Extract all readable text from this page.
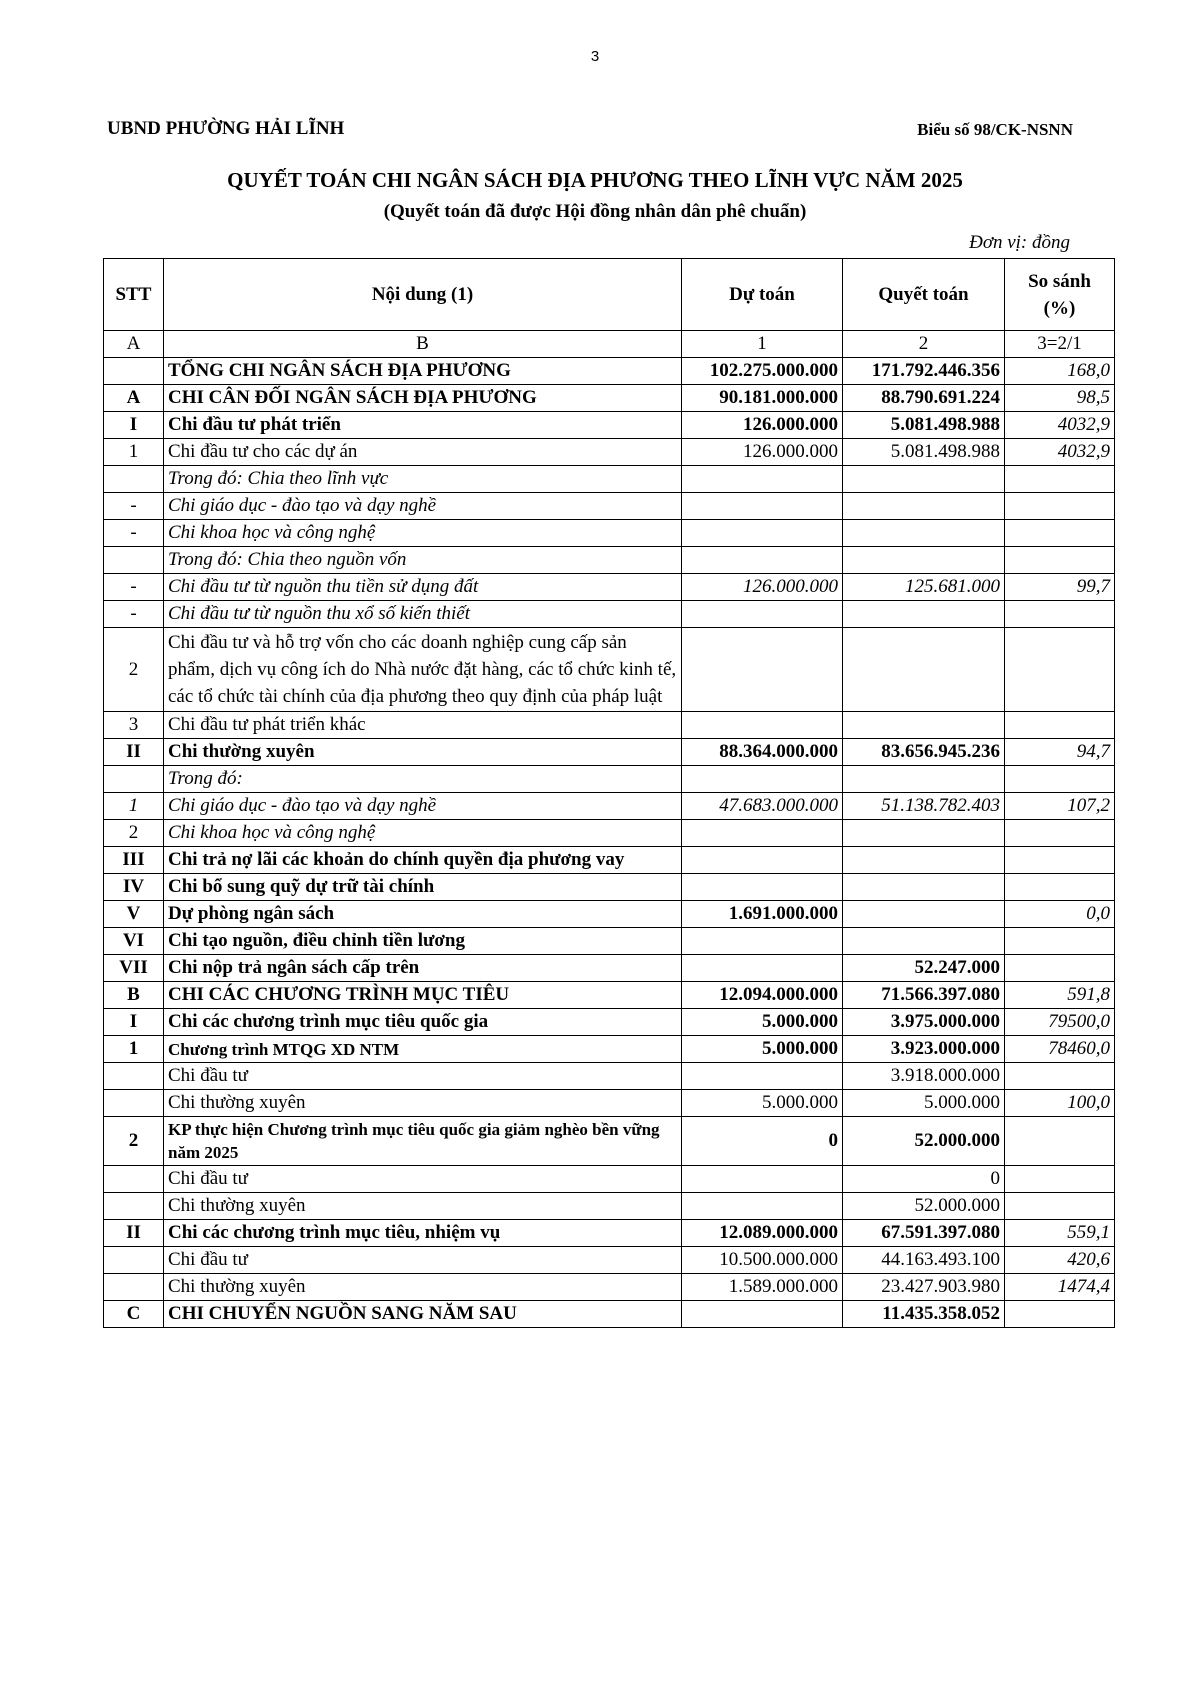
3
UBND PHƯỜNG HẢI LĨNH	Biểu số 98/CK-NSNN
QUYẾT TOÁN CHI NGÂN SÁCH ĐỊA PHƯƠNG THEO LĨNH VỰC NĂM 2025
(Quyết toán đã được Hội đồng nhân dân phê chuẩn)
Đơn vị: đồng
STT	Nội dung (1)	Dự toán	Quyết toán	So sánh (%)
A	B	1	2	3=2/1
	TỔNG CHI NGÂN SÁCH ĐỊA PHƯƠNG	102.275.000.000	171.792.446.356	168,0
A	CHI CÂN ĐỐI NGÂN SÁCH ĐỊA PHƯƠNG	90.181.000.000	88.790.691.224	98,5
I	Chi đầu tư phát triển	126.000.000	5.081.498.988	4032,9
1	Chi đầu tư cho các dự án	126.000.000	5.081.498.988	4032,9
	Trong đó: Chia theo lĩnh vực			
-	Chi giáo dục - đào tạo và dạy nghề			
-	Chi khoa học và công nghệ			
	Trong đó: Chia theo nguồn vốn			
-	Chi đầu tư từ nguồn thu tiền sử dụng đất	126.000.000	125.681.000	99,7
-	Chi đầu tư từ nguồn thu xổ số kiến thiết			
2	Chi đầu tư và hỗ trợ vốn cho các doanh nghiệp cung cấp sản phẩm, dịch vụ công ích do Nhà nước đặt hàng, các tổ chức kinh tế, các tổ chức tài chính của địa phương theo quy định của pháp luật			
3	Chi đầu tư phát triển khác			
II	Chi thường xuyên	88.364.000.000	83.656.945.236	94,7
	Trong đó:			
1	Chi giáo dục - đào tạo và dạy nghề	47.683.000.000	51.138.782.403	107,2
2	Chi khoa học và công nghệ			
III	Chi trả nợ lãi các khoản do chính quyền địa phương vay			
IV	Chi bổ sung quỹ dự trữ tài chính			
V	Dự phòng ngân sách	1.691.000.000		0,0
VI	Chi tạo nguồn, điều chỉnh tiền lương			
VII	Chi nộp trả ngân sách cấp trên		52.247.000	
B	CHI CÁC CHƯƠNG TRÌNH MỤC TIÊU	12.094.000.000	71.566.397.080	591,8
I	Chi các chương trình mục tiêu quốc gia	5.000.000	3.975.000.000	79500,0
1	Chương trình MTQG XD NTM	5.000.000	3.923.000.000	78460,0
	Chi đầu tư		3.918.000.000	
	Chi thường xuyên	5.000.000	5.000.000	100,0
2	KP thực hiện Chương trình mục tiêu quốc gia giảm nghèo bền vững năm 2025	0	52.000.000	
	Chi đầu tư		0	
	Chi thường xuyên		52.000.000	
II	Chi các chương trình mục tiêu, nhiệm vụ	12.089.000.000	67.591.397.080	559,1
	Chi đầu tư	10.500.000.000	44.163.493.100	420,6
	Chi thường xuyên	1.589.000.000	23.427.903.980	1474,4
C	CHI CHUYỂN NGUỒN SANG NĂM SAU		11.435.358.052	
